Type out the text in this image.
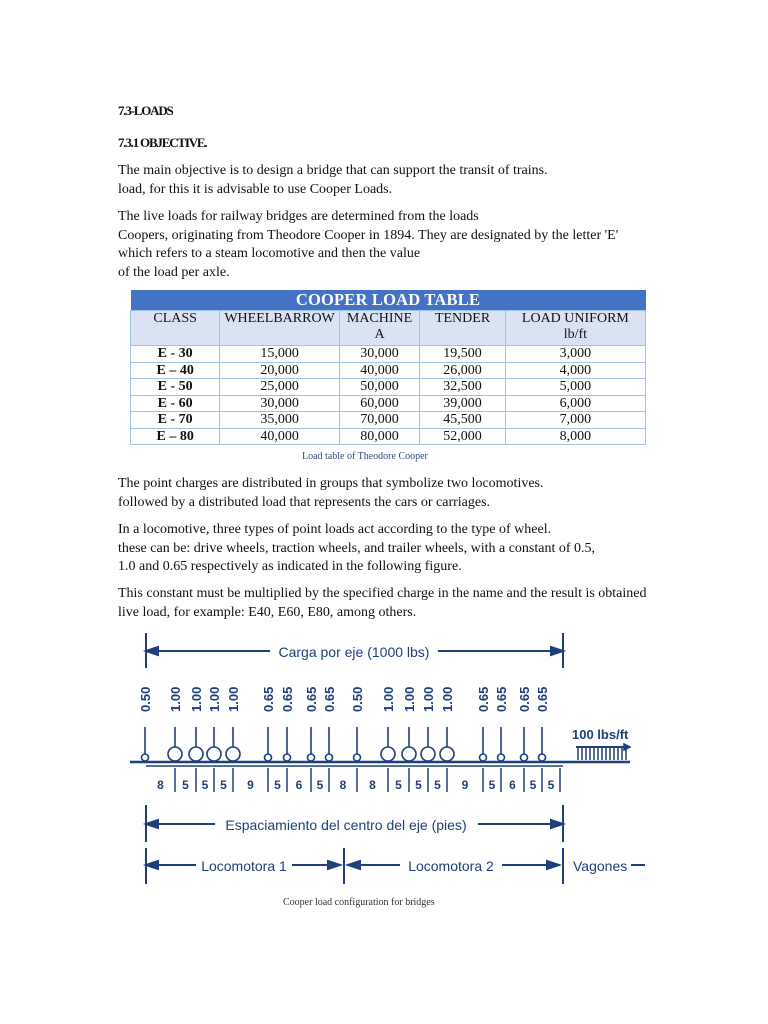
7.3-LOADS
7.3.1 OBJECTIVE.
The main objective is to design a bridge that can support the transit of trains.
load, for this it is advisable to use Cooper Loads.
The live loads for railway bridges are determined from the loads
Coopers, originating from Theodore Cooper in 1894. They are designated by the letter 'E'
which refers to a steam locomotive and then the value
of the load per axle.
COOPER LOAD TABLE				
CLASS	WHEELBARROW	MACHINE A	TENDER	LOAD UNIFORM lb/ft
E - 30	15,000	30,000	19,500	3,000
E – 40	20,000	40,000	26,000	4,000
E - 50	25,000	50,000	32,500	5,000
E - 60	30,000	60,000	39,000	6,000
E - 70	35,000	70,000	45,500	7,000
E – 80	40,000	80,000	52,000	8,000
Load table of Theodore Cooper
The point charges are distributed in groups that symbolize two locomotives.
followed by a distributed load that represents the cars or carriages.
In a locomotive, three types of point loads act according to the type of wheel.
these can be: drive wheels, traction wheels, and trailer wheels, with a constant of 0.5,
1.0 and 0.65 respectively as indicated in the following figure.
This constant must be multiplied by the specified charge in the name and the result is obtained
live load, for example: E40, E60, E80, among others.
Carga por eje (1000 lbs)
Espaciamiento del centro del eje (pies)
Locomotora 1	Locomotora 2	Vagones
100 lbs/ft
0.50 1.00 1.00 1.00 1.00 0.65 0.65 0.65 0.65 0.50 1.00 1.00 1.00 1.00 0.65 0.65 0.65 0.65
8 5 5 5 9 5 6 5 8 8 5 5 5 9 5 6 5 5
Cooper load configuration for bridges
